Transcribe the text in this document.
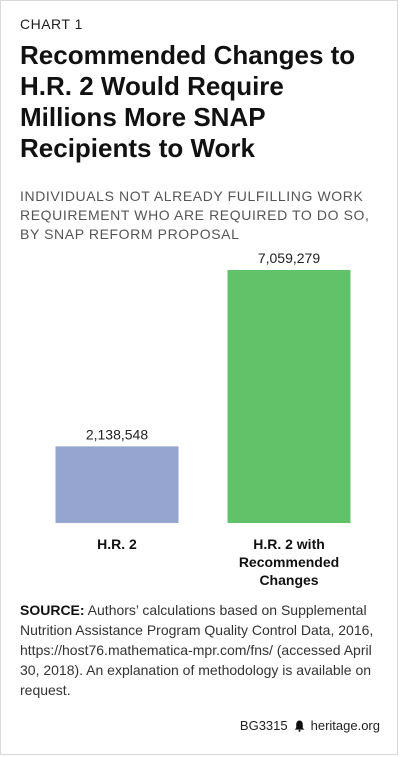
CHART 1
Recommended Changes to H.R. 2 Would Require Millions More SNAP Recipients to Work
INDIVIDUALS NOT ALREADY FULFILLING WORK REQUIREMENT WHO ARE REQUIRED TO DO SO, BY SNAP REFORM PROPOSAL
2,138,548
H.R. 2
7,059,279
H.R. 2 with Recommended Changes
SOURCE: Authors’ calculations based on Supplemental Nutrition Assistance Program Quality Control Data, 2016, https://host76.mathematica-mpr.com/fns/ (accessed April 30, 2018). An explanation of methodology is available on request.
BG3315 heritage.org
